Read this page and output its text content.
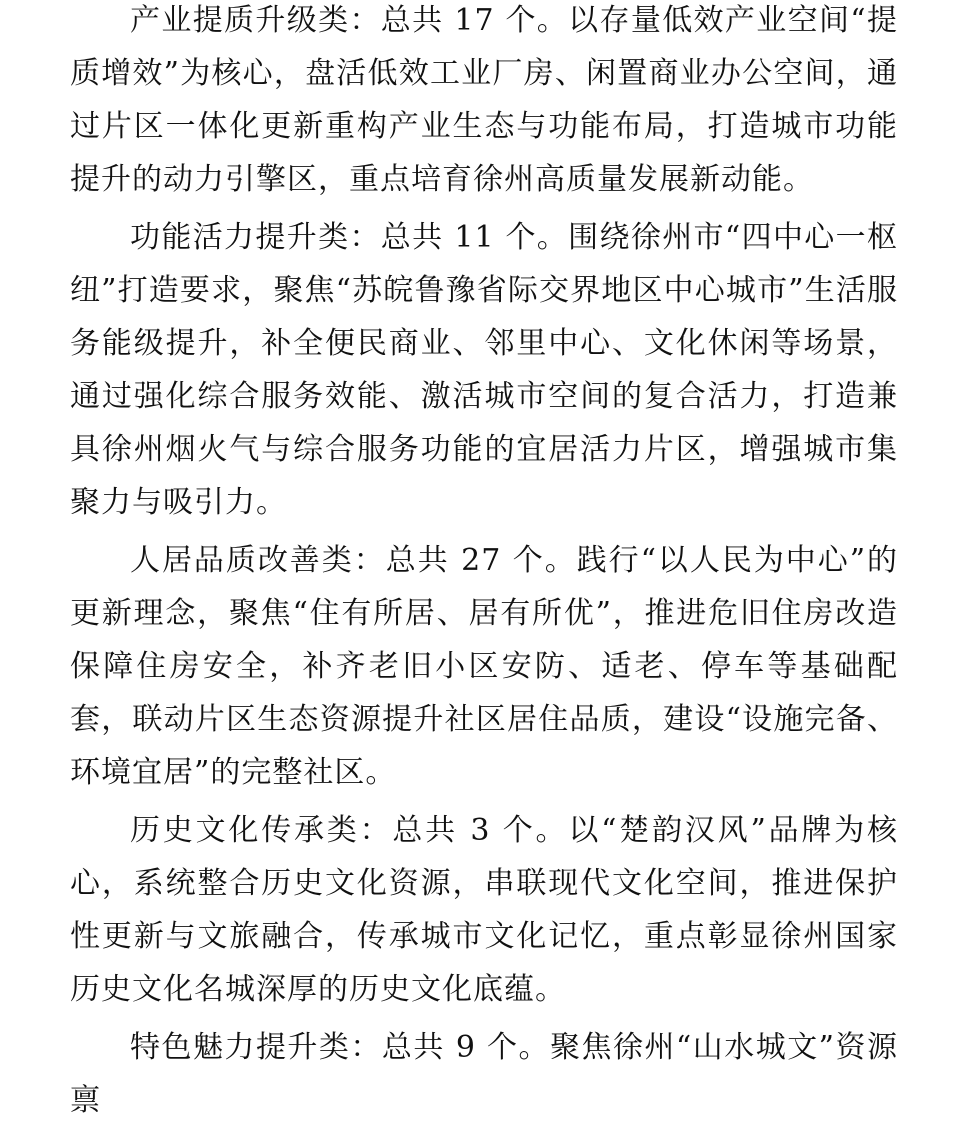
产业提质升级类：总共 17 个。以存量低效产业空间“提质增效”为核心，盘活低效工业厂房、闲置商业办公空间，通过片区一体化更新重构产业生态与功能布局，打造城市功能提升的动力引擎区，重点培育徐州高质量发展新动能。

功能活力提升类：总共 11 个。围绕徐州市“四中心一枢纽”打造要求，聚焦“苏皖鲁豫省际交界地区中心城市”生活服务能级提升，补全便民商业、邻里中心、文化休闲等场景，通过强化综合服务效能、激活城市空间的复合活力，打造兼具徐州烟火气与综合服务功能的宜居活力片区，增强城市集聚力与吸引力。

人居品质改善类：总共 27 个。践行“以人民为中心”的更新理念，聚焦“住有所居、居有所优”，推进危旧住房改造保障住房安全，补齐老旧小区安防、适老、停车等基础配套，联动片区生态资源提升社区居住品质，建设“设施完备、环境宜居”的完整社区。

历史文化传承类：总共 3 个。以“楚韵汉风”品牌为核心，系统整合历史文化资源，串联现代文化空间，推进保护性更新与文旅融合，传承城市文化记忆，重点彰显徐州国家历史文化名城深厚的历史文化底蕴。

特色魅力提升类：总共 9 个。聚焦徐州“山水城文”资源禀
